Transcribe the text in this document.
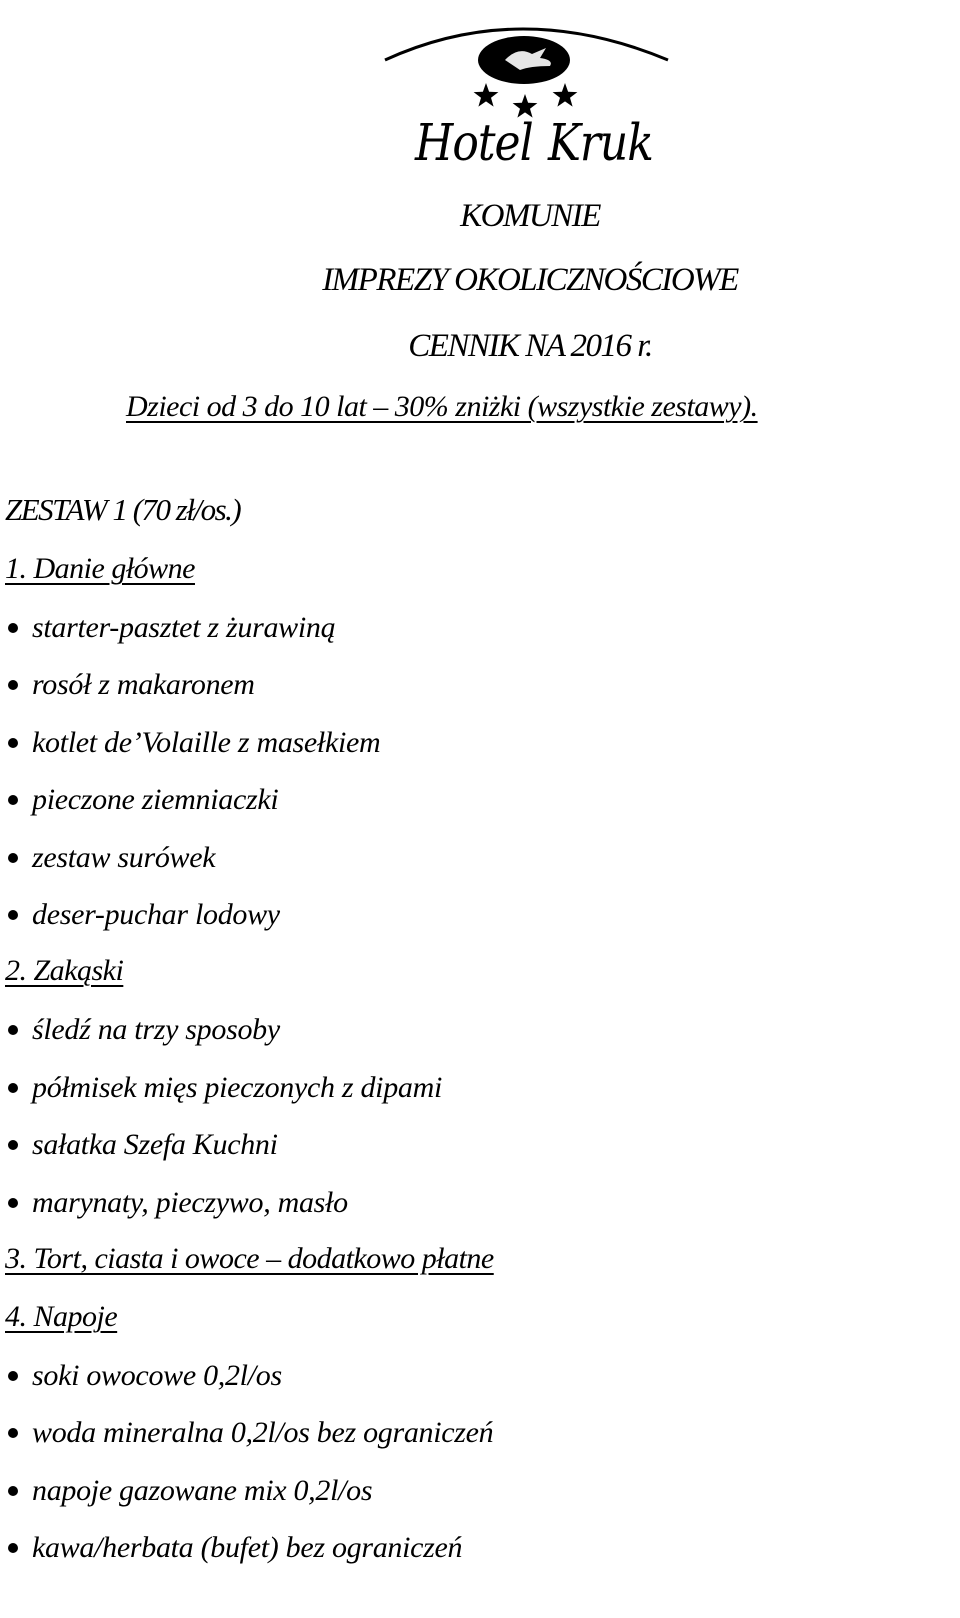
Hotel Kruk
KOMUNIE
IMPREZY OKOLICZNOŚCIOWE
CENNIK NA 2016 r.
Dzieci od 3 do 10 lat – 30% zniżki (wszystkie zestawy).
ZESTAW 1 (70 zł/os.)
1. Danie główne
starter-pasztet z żurawiną
rosół z makaronem
kotlet de’Volaille z masełkiem
pieczone ziemniaczki
zestaw surówek
deser-puchar lodowy
2. Zakąski
śledź na trzy sposoby
półmisek mięs pieczonych z dipami
sałatka Szefa Kuchni
marynaty, pieczywo, masło
3. Tort, ciasta i owoce – dodatkowo płatne
4. Napoje
soki owocowe 0,2l/os
woda mineralna 0,2l/os bez ograniczeń
napoje gazowane mix 0,2l/os
kawa/herbata (bufet) bez ograniczeń
